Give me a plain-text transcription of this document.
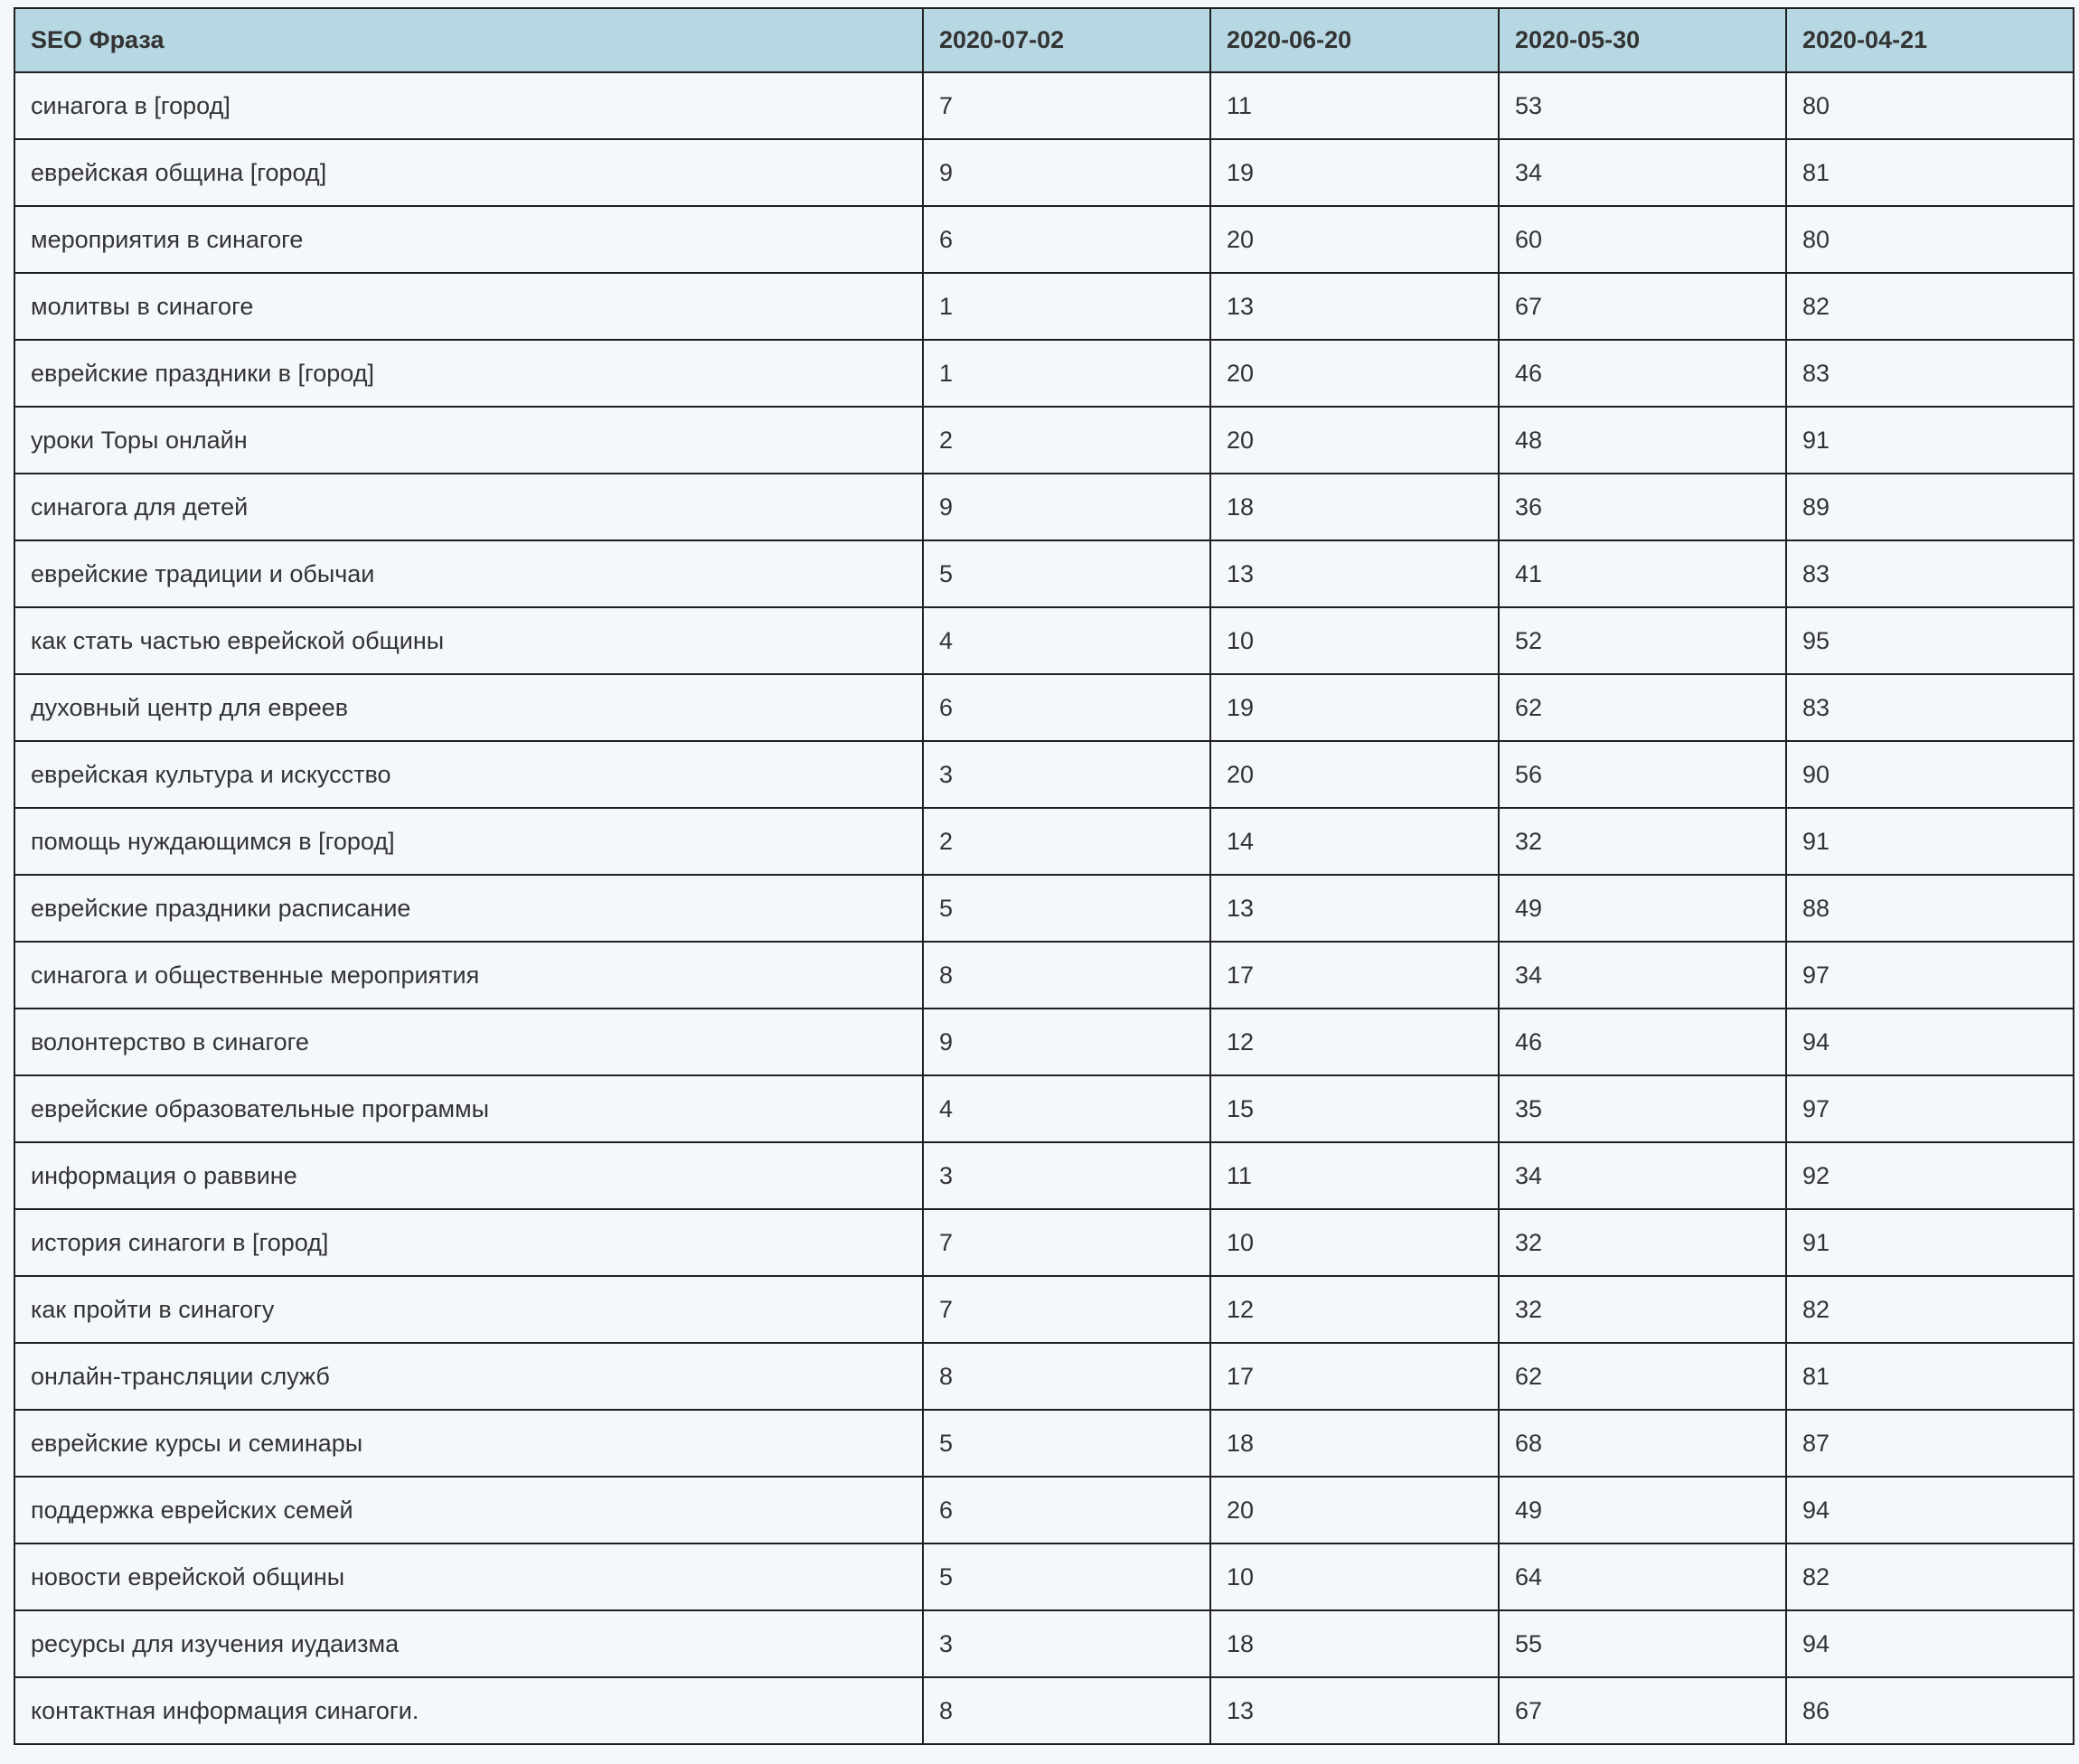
SEO Фраза	2020-07-02	2020-06-20	2020-05-30	2020-04-21
синагога в [город]	7	11	53	80
еврейская община [город]	9	19	34	81
мероприятия в синагоге	6	20	60	80
молитвы в синагоге	1	13	67	82
еврейские праздники в [город]	1	20	46	83
уроки Торы онлайн	2	20	48	91
синагога для детей	9	18	36	89
еврейские традиции и обычаи	5	13	41	83
как стать частью еврейской общины	4	10	52	95
духовный центр для евреев	6	19	62	83
еврейская культура и искусство	3	20	56	90
помощь нуждающимся в [город]	2	14	32	91
еврейские праздники расписание	5	13	49	88
синагога и общественные мероприятия	8	17	34	97
волонтерство в синагоге	9	12	46	94
еврейские образовательные программы	4	15	35	97
информация о раввине	3	11	34	92
история синагоги в [город]	7	10	32	91
как пройти в синагогу	7	12	32	82
онлайн-трансляции служб	8	17	62	81
еврейские курсы и семинары	5	18	68	87
поддержка еврейских семей	6	20	49	94
новости еврейской общины	5	10	64	82
ресурсы для изучения иудаизма	3	18	55	94
контактная информация синагоги.	8	13	67	86
